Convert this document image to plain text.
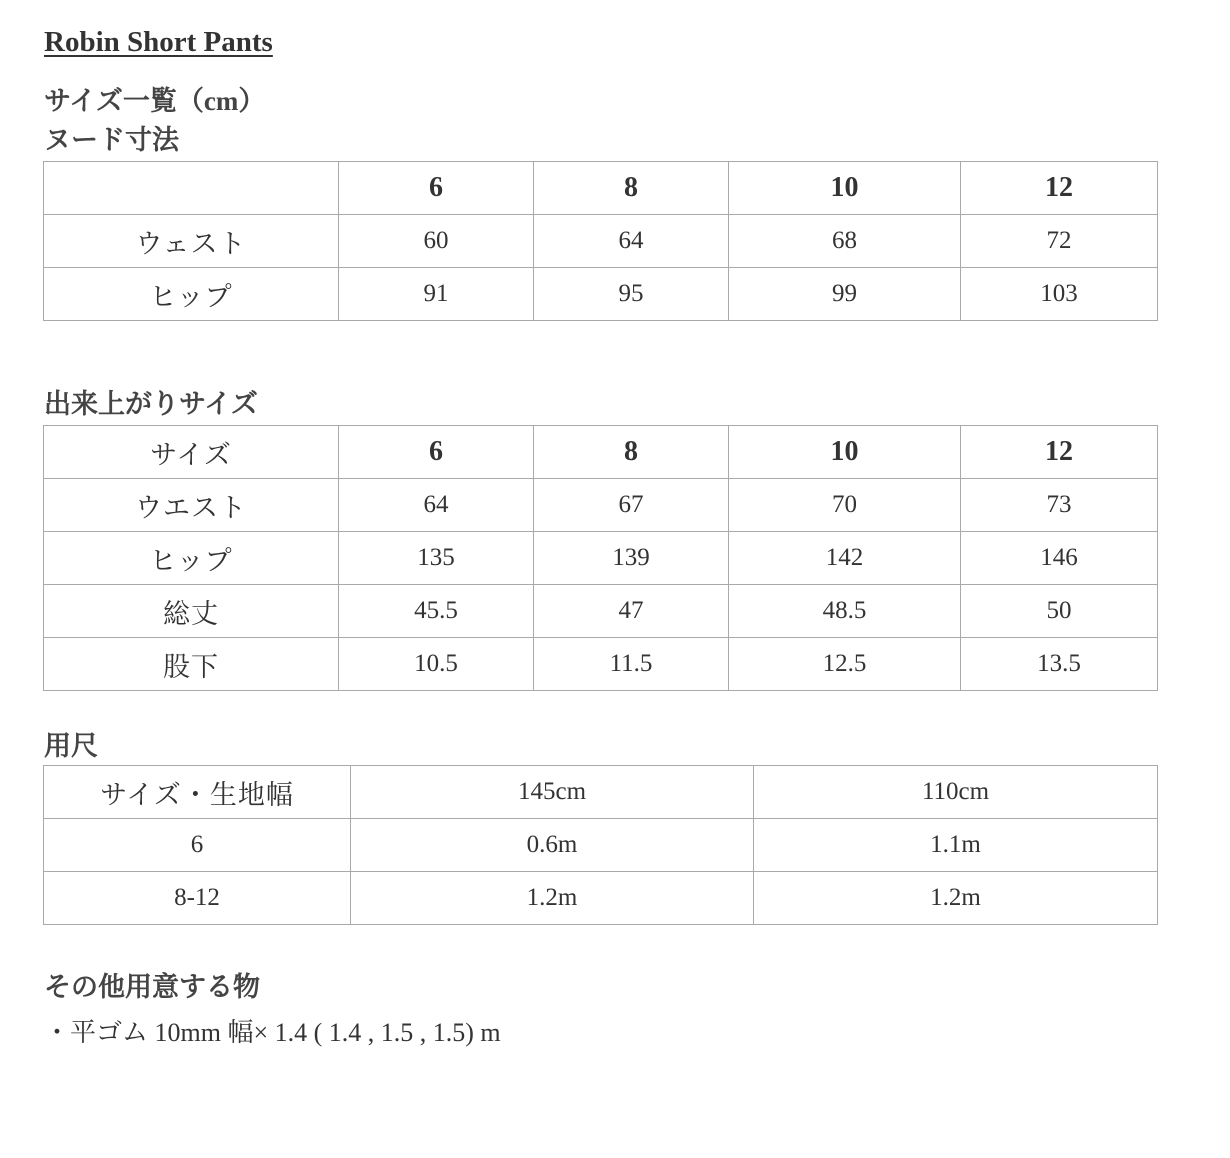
Robin Short Pants
サイズ一覧（cm）
ヌード寸法
	6	8	10	12
ウェスト	60	64	68	72
ヒップ	91	95	99	103
出来上がりサイズ
サイズ	6	8	10	12
ウエスト	64	67	70	73
ヒップ	135	139	142	146
総丈	45.5	47	48.5	50
股下	10.5	11.5	12.5	13.5
用尺
サイズ・生地幅	145cm	110cm
6	0.6m	1.1m
8-12	1.2m	1.2m
その他用意する物
・平ゴム 10mm 幅× 1.4 ( 1.4 , 1.5 , 1.5) m
